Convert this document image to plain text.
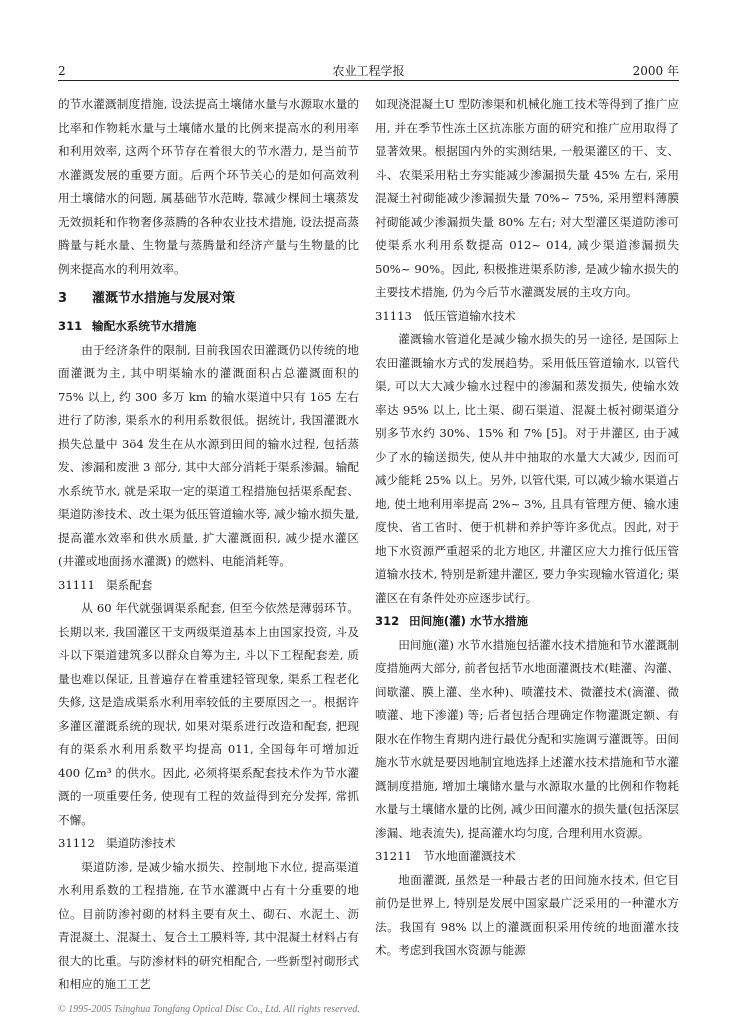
2	农业工程学报	2000 年

的节水灌溉制度措施, 设法提高土壤储水量与水源取水量的比率和作物耗水量与土壤储水量的比例来提高水的利用率和利用效率, 这两个环节存在着很大的节水潜力, 是当前节水灌溉发展的重要方面。后两个环节关心的是如何高效利用土壤储水的问题, 属基础节水范畴, 靠减少棵间土壤蒸发无效损耗和作物奢侈蒸腾的各种农业技术措施, 设法提高蒸腾量与耗水量、生物量与蒸腾量和经济产量与生物量的比例来提高水的利用效率。

3 灌溉节水措施与发展对策
311 输配水系统节水措施

由于经济条件的限制, 目前我国农田灌溉仍以传统的地面灌溉为主, 其中明渠输水的灌溉面积占总灌溉面积的 75% 以上, 约 300 多万 km 的输水渠道中只有 1ö5 左右进行了防渗, 渠系水的利用系数很低。据统计, 我国灌溉水损失总量中 3ö4 发生在从水源到田间的输水过程, 包括蒸发、渗漏和废泄 3 部分, 其中大部分消耗于渠系渗漏。输配水系统节水, 就是采取一定的渠道工程措施包括渠系配套、渠道防渗技术、改土渠为低压管道输水等, 减少输水损失量, 提高灌水效率和供水质量, 扩大灌溉面积, 减少提水灌区 (井灌或地面扬水灌溉) 的燃料、电能消耗等。

31111 渠系配套

从 60 年代就强调渠系配套, 但至今依然是薄弱环节。长期以来, 我国灌区干支两级渠道基本上由国家投资, 斗及斗以下渠道建筑多以群众自筹为主, 斗以下工程配套差, 质量也难以保证, 且普遍存在着重建轻管现象, 渠系工程老化失修, 这是造成渠系水利用率较低的主要原因之一。根据许多灌区灌溉系统的现状, 如果对渠系进行改造和配套, 把现有的渠系水利用系数平均提高 011, 全国每年可增加近 400 亿m³ 的供水。因此, 必须将渠系配套技术作为节水灌溉的一项重要任务, 使现有工程的效益得到充分发挥, 常抓不懈。

31112 渠道防渗技术

渠道防渗, 是减少输水损失、控制地下水位, 提高渠道水利用系数的工程措施, 在节水灌溉中占有十分重要的地位。目前防渗衬砌的材料主要有灰土、砌石、水泥土、沥青混凝土、混凝土、复合土工膜料等, 其中混凝土材料占有很大的比重。与防渗材料的研究相配合, 一些新型衬砌形式和相应的施工工艺

如现浇混凝土U 型防渗渠和机械化施工技术等得到了推广应用, 并在季节性冻土区抗冻胀方面的研究和推广应用取得了显著效果。根据国内外的实测结果, 一般渠灌区的干、支、斗、农渠采用粘土夯实能减少渗漏损失量 45% 左右, 采用混凝土衬砌能减少渗漏损失量 70%~ 75%, 采用塑料薄膜衬砌能减少渗漏损失量 80% 左右; 对大型灌区渠道防渗可使渠系水利用系数提高 012~ 014, 减少渠道渗漏损失 50%~ 90%。因此, 积极推进渠系防渗, 是减少输水损失的主要技术措施, 仍为今后节水灌溉发展的主攻方向。

31113 低压管道输水技术

灌溉输水管道化是减少输水损失的另一途径, 是国际上农田灌溉输水方式的发展趋势。采用低压管道输水, 以管代渠, 可以大大减少输水过程中的渗漏和蒸发损失, 使输水效率达 95% 以上, 比土渠、砌石渠道、混凝土板衬砌渠道分别多节水约 30%、15% 和 7% [5]。对于井灌区, 由于减少了水的输送损失, 使从井中抽取的水量大大减少, 因而可减少能耗 25% 以上。另外, 以管代渠, 可以减少输水渠道占地, 使土地利用率提高 2%~ 3%, 且具有管理方便、输水速度快、省工省时、便于机耕和养护等许多优点。因此, 对于地下水资源严重超采的北方地区, 井灌区应大力推行低压管道输水技术, 特别是新建井灌区, 要力争实现输水管道化; 渠灌区在有条件处亦应逐步试行。

312 田间施(灌) 水节水措施

田间施(灌) 水节水措施包括灌水技术措施和节水灌溉制度措施两大部分, 前者包括节水地面灌溉技术(畦灌、沟灌、间歇灌、膜上灌、坐水种)、喷灌技术、微灌技术(滴灌、微喷灌、地下渗灌) 等; 后者包括合理确定作物灌溉定额、有限水在作物生育期内进行最优分配和实施调亏灌溉等。田间施水节水就是要因地制宜地选择上述灌水技术措施和节水灌溉制度措施, 增加土壤储水量与水源取水量的比例和作物耗水量与土壤储水量的比例, 减少田间灌水的损失量(包括深层渗漏、地表流失), 提高灌水均匀度, 合理利用水资源。

31211 节水地面灌溉技术

地面灌溉, 虽然是一种最古老的田间施水技术, 但它目前仍是世界上, 特别是发展中国家最广泛采用的一种灌水方法。我国有 98% 以上的灌溉面积采用传统的地面灌水技术。考虑到我国水资源与能源

© 1995-2005 Tsinghua Tongfang Optical Disc Co., Ltd. All rights reserved.
